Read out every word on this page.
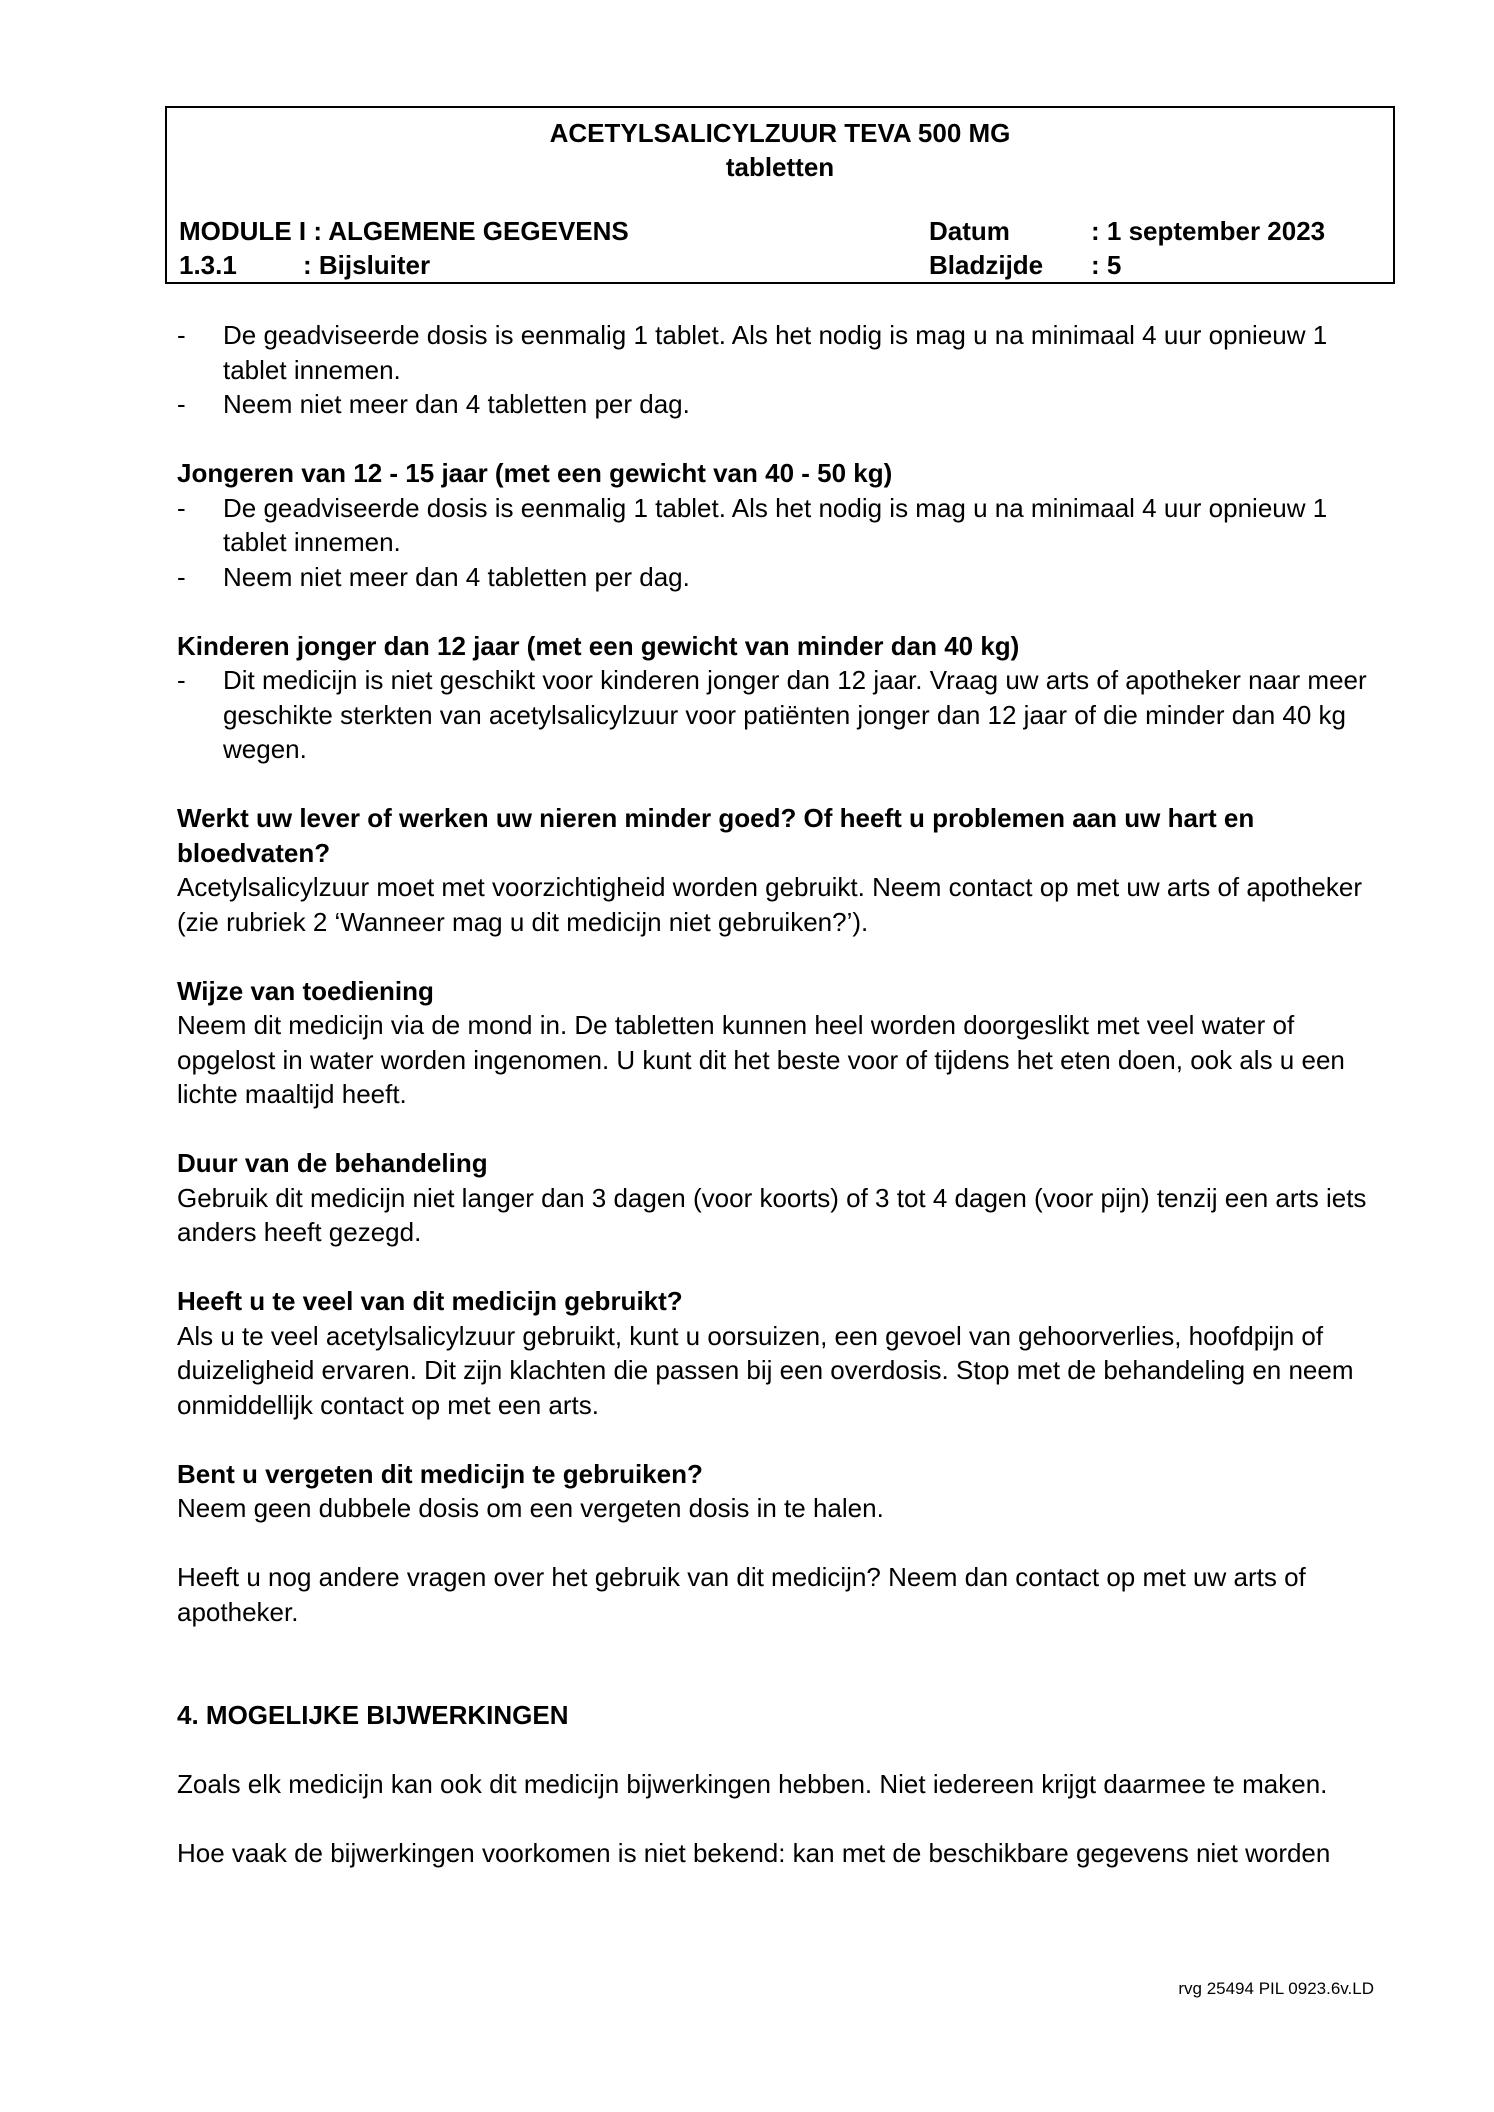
ACETYLSALICYLZUUR TEVA 500 MG
tabletten
MODULE I : ALGEMENE GEGEVENS	Datum	: 1 september 2023
1.3.1	: Bijsluiter	Bladzijde : 5
- De geadviseerde dosis is eenmalig 1 tablet. Als het nodig is mag u na minimaal 4 uur opnieuw 1 tablet innemen.
- Neem niet meer dan 4 tabletten per dag.
Jongeren van 12 - 15 jaar (met een gewicht van 40 - 50 kg)
- De geadviseerde dosis is eenmalig 1 tablet. Als het nodig is mag u na minimaal 4 uur opnieuw 1 tablet innemen.
- Neem niet meer dan 4 tabletten per dag.
Kinderen jonger dan 12 jaar (met een gewicht van minder dan 40 kg)
- Dit medicijn is niet geschikt voor kinderen jonger dan 12 jaar. Vraag uw arts of apotheker naar meer geschikte sterkten van acetylsalicylzuur voor patiënten jonger dan 12 jaar of die minder dan 40 kg wegen.
Werkt uw lever of werken uw nieren minder goed? Of heeft u problemen aan uw hart en bloedvaten?

Acetylsalicylzuur moet met voorzichtigheid worden gebruikt. Neem contact op met uw arts of apotheker (zie rubriek 2 ‘Wanneer mag u dit medicijn niet gebruiken?’).

Wijze van toediening

Neem dit medicijn via de mond in. De tabletten kunnen heel worden doorgeslikt met veel water of opgelost in water worden ingenomen. U kunt dit het beste voor of tijdens het eten doen, ook als u een lichte maaltijd heeft.

Duur van de behandeling

Gebruik dit medicijn niet langer dan 3 dagen (voor koorts) of 3 tot 4 dagen (voor pijn) tenzij een arts iets anders heeft gezegd.

Heeft u te veel van dit medicijn gebruikt?

Als u te veel acetylsalicylzuur gebruikt, kunt u oorsuizen, een gevoel van gehoorverlies, hoofdpijn of duizeligheid ervaren. Dit zijn klachten die passen bij een overdosis. Stop met de behandeling en neem onmiddellijk contact op met een arts.

Bent u vergeten dit medicijn te gebruiken?

Neem geen dubbele dosis om een vergeten dosis in te halen.

Heeft u nog andere vragen over het gebruik van dit medicijn? Neem dan contact op met uw arts of apotheker.

4. MOGELIJKE BIJWERKINGEN

Zoals elk medicijn kan ook dit medicijn bijwerkingen hebben. Niet iedereen krijgt daarmee te maken.

Hoe vaak de bijwerkingen voorkomen is niet bekend: kan met de beschikbare gegevens niet worden

rvg 25494 PIL 0923.6v.LD
